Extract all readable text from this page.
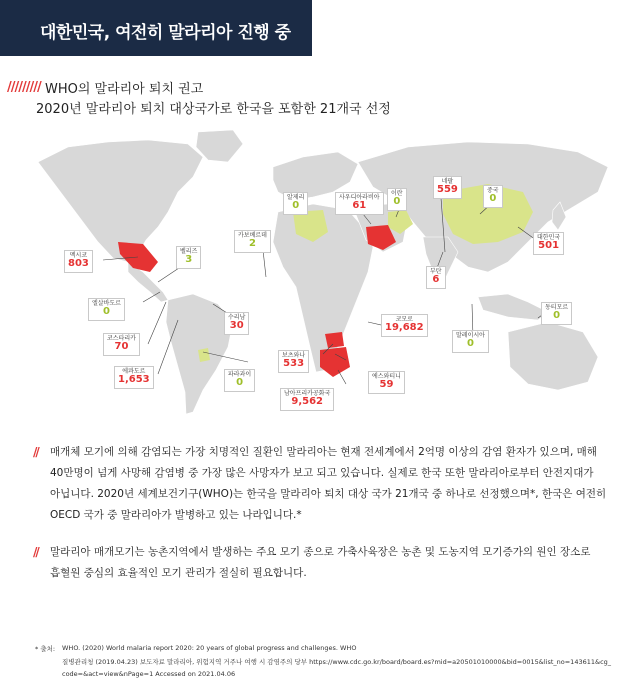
대한민국, 여전히 말라리아 진행 중
///////// WHO의 말라리아 퇴치 권고
2020년 말라리아 퇴치 대상국가로 한국을 포함한 21개국 선정
멕시코
803
벨리즈
3
엘살바도르
0
코스타리카
70
에콰도르
1,653
수리남
30
파라과이
0
카보베르데
2
알제리
0
사우디아라비아
61
이란
0
네팔
559	중국
0
대한민국
501
부탄
6
동티모르
0
말레이시아
0
코모로
19,682
보츠와나
533
에스와티니
59
남아프리카공화국
9,562
// 매개체 모기에 의해 감염되는 가장 치명적인 질환인 말라리아는 현재 전세계에서 2억명 이상의 감염 환자가 있으며, 매해
40만명이 넘게 사망해 감염병 중 가장 많은 사망자가 보고 되고 있습니다. 실제로 한국 또한 말라리아로부터 안전지대가
아닙니다. 2020년 세계보건기구(WHO)는 한국을 말라리아 퇴치 대상 국가 21개국 중 하나로 선정했으며*, 한국은 여전히
OECD 국가 중 말라리아가 발병하고 있는 나라입니다.*
// 말라리아 매개모기는 농촌지역에서 발생하는 주요 모기 종으로 가축사육장은 농촌 및 도농지역 모기증가의 원인 장소로
흡혈원 중심의 효율적인 모기 관리가 절실히 필요합니다.
* 출처: WHO. (2020) World malaria report 2020: 20 years of global progress and challenges. WHO
질병관리청 (2019.04.23) 보도자료 말라리아, 위험지역 거주나 여행 시 감염주의 당부 https://www.cdc.go.kr/board/board.es?mid=a20501010000&bid=0015&list_no=143611&cg_
code=&act=view&nPage=1 Accessed on 2021.04.06
